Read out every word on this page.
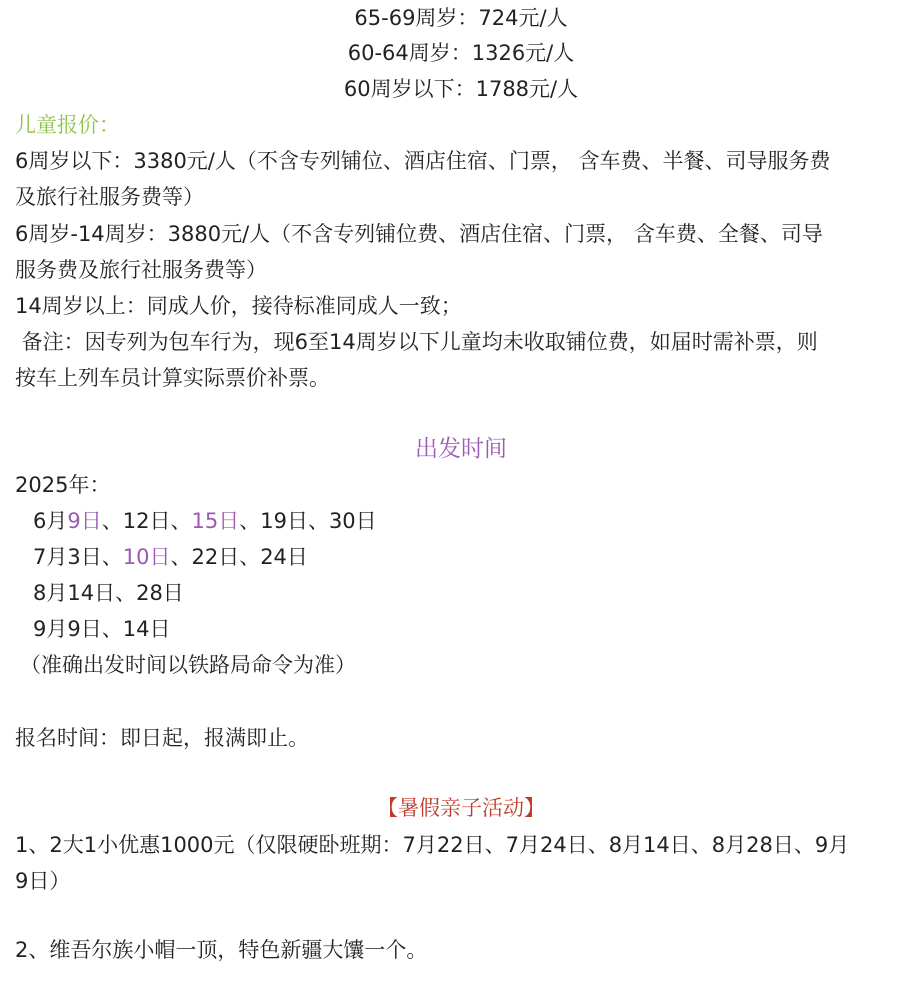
65-69周岁：724元/人
60-64周岁：1326元/人
60周岁以下：1788元/人
儿童报价：
6周岁以下：3380元/人（不含专列铺位、酒店住宿、门票， 含车费、半餐、司导服务费
及旅行社服务费等）
6周岁-14周岁：3880元/人（不含专列铺位费、酒店住宿、门票， 含车费、全餐、司导
服务费及旅行社服务费等）
14周岁以上：同成人价，接待标准同成人一致；
备注：因专列为包车行为，现6至14周岁以下儿童均未收取铺位费，如届时需补票，则
按车上列车员计算实际票价补票。
出发时间
2025年：
6月9日、12日、15日、19日、30日
7月3日、10日、22日、24日
8月14日、28日
9月9日、14日
（准确出发时间以铁路局命令为准）
报名时间：即日起，报满即止。
【暑假亲子活动】
1、2大1小优惠1000元（仅限硬卧班期：7月22日、7月24日、8月14日、8月28日、9月
9日）
2、维吾尔族小帽一顶，特色新疆大馕一个。
